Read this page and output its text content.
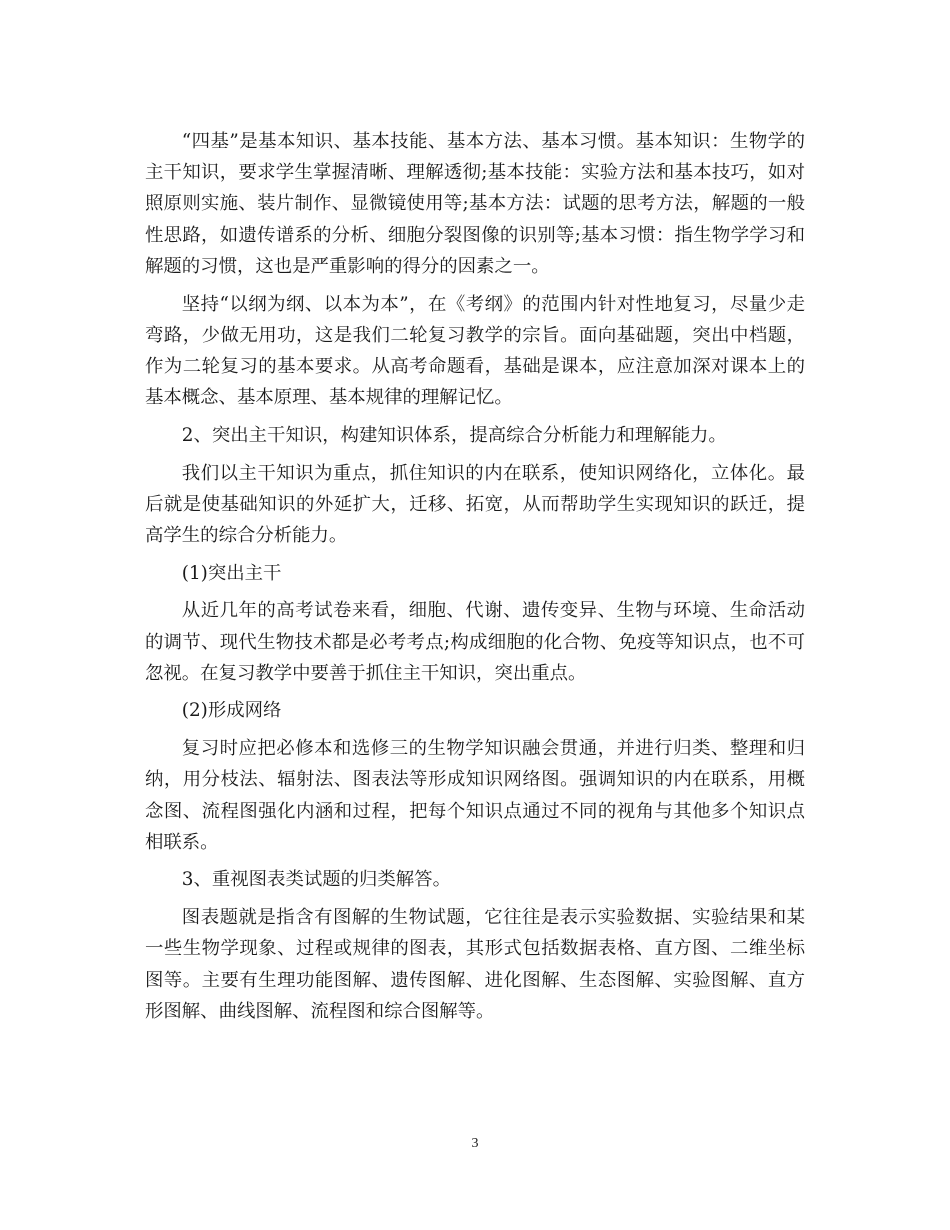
“四基”是基本知识、基本技能、基本方法、基本习惯。基本知识：生物学的主干知识，要求学生掌握清晰、理解透彻;基本技能：实验方法和基本技巧，如对照原则实施、装片制作、显微镜使用等;基本方法：试题的思考方法，解题的一般性思路，如遗传谱系的分析、细胞分裂图像的识别等;基本习惯：指生物学学习和解题的习惯，这也是严重影响的得分的因素之一。

坚持“以纲为纲、以本为本”，在《考纲》的范围内针对性地复习，尽量少走弯路，少做无用功，这是我们二轮复习教学的宗旨。面向基础题，突出中档题，作为二轮复习的基本要求。从高考命题看，基础是课本，应注意加深对课本上的基本概念、基本原理、基本规律的理解记忆。

2、突出主干知识，构建知识体系，提高综合分析能力和理解能力。

我们以主干知识为重点，抓住知识的内在联系，使知识网络化，立体化。最后就是使基础知识的外延扩大，迁移、拓宽，从而帮助学生实现知识的跃迁，提高学生的综合分析能力。

(1)突出主干

从近几年的高考试卷来看，细胞、代谢、遗传变异、生物与环境、生命活动的调节、现代生物技术都是必考考点;构成细胞的化合物、免疫等知识点，也不可忽视。在复习教学中要善于抓住主干知识，突出重点。

(2)形成网络

复习时应把必修本和选修三的生物学知识融会贯通，并进行归类、整理和归纳，用分枝法、辐射法、图表法等形成知识网络图。强调知识的内在联系，用概念图、流程图强化内涵和过程，把每个知识点通过不同的视角与其他多个知识点相联系。

3、重视图表类试题的归类解答。

图表题就是指含有图解的生物试题，它往往是表示实验数据、实验结果和某一些生物学现象、过程或规律的图表，其形式包括数据表格、直方图、二维坐标图等。主要有生理功能图解、遗传图解、进化图解、生态图解、实验图解、直方形图解、曲线图解、流程图和综合图解等。

3
